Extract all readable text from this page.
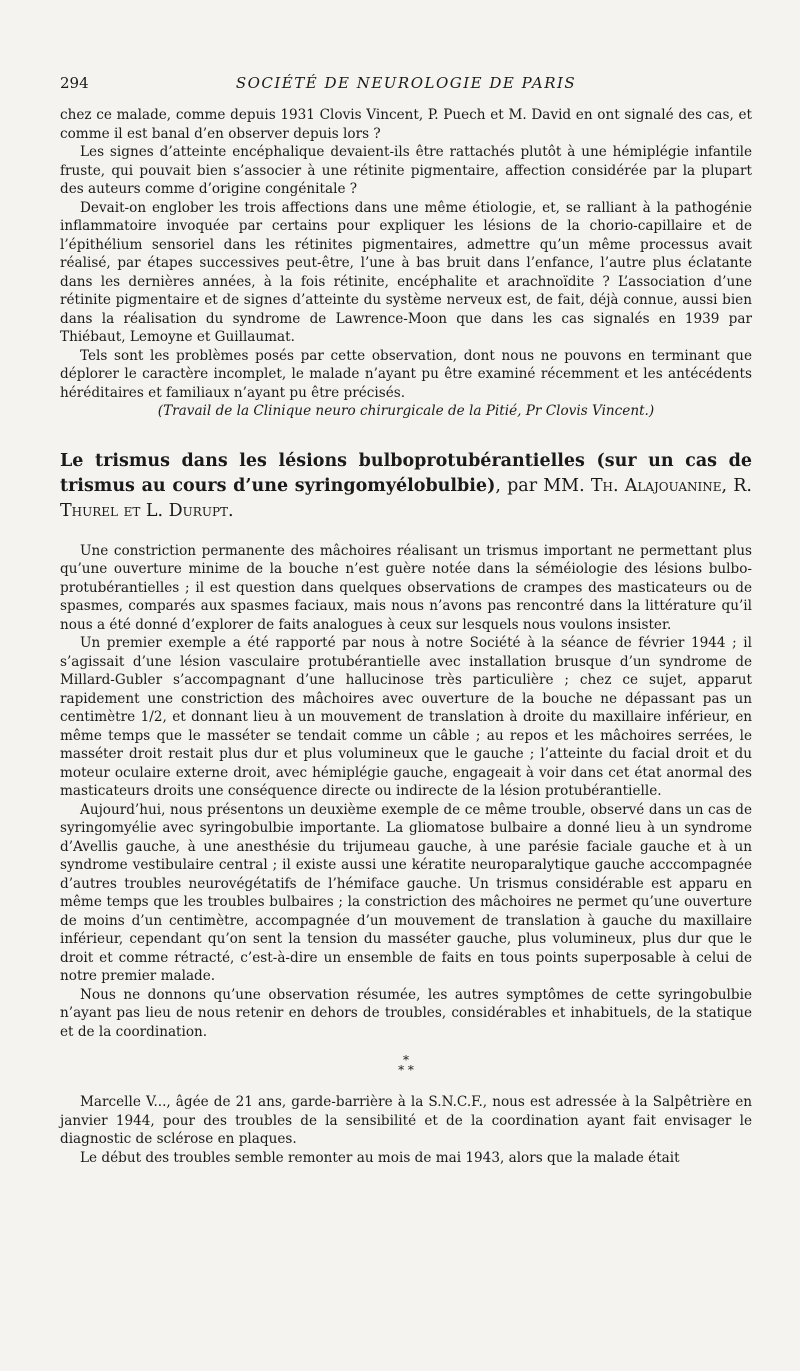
294	SOCIÉTÉ DE NEUROLOGIE DE PARIS

chez ce malade, comme depuis 1931 Clovis Vincent, P. Puech et M. David en ont signalé des cas, et comme il est banal d’en observer depuis lors ?

Les signes d’atteinte encéphalique devaient-ils être rattachés plutôt à une hémiplégie infantile fruste, qui pouvait bien s’associer à une rétinite pigmentaire, affection considérée par la plupart des auteurs comme d’origine congénitale ?

Devait-on englober les trois affections dans une même étiologie, et, se ralliant à la pathogénie inflammatoire invoquée par certains pour expliquer les lésions de la chorio-capillaire et de l’épithélium sensoriel dans les rétinites pigmentaires, admettre qu’un même processus avait réalisé, par étapes successives peut-être, l’une à bas bruit dans l’enfance, l’autre plus éclatante dans les dernières années, à la fois rétinite, encéphalite et arachnoïdite ? L’association d’une rétinite pigmentaire et de signes d’atteinte du système nerveux est, de fait, déjà connue, aussi bien dans la réalisation du syndrome de Lawrence-Moon que dans les cas signalés en 1939 par Thiébaut, Lemoyne et Guillaumat.

Tels sont les problèmes posés par cette observation, dont nous ne pouvons en terminant que déplorer le caractère incomplet, le malade n’ayant pu être examiné récemment et les antécédents héréditaires et familiaux n’ayant pu être précisés.

(Travail de la Clinique neuro chirurgicale de la Pitié, Pr Clovis Vincent.)

Le trismus dans les lésions bulboprotubérantielles (sur un cas de trismus au cours d’une syringomyélobulbie), par MM. Th. Alajouanine, R. Thurel et L. Durupt.

Une constriction permanente des mâchoires réalisant un trismus important ne permettant plus qu’une ouverture minime de la bouche n’est guère notée dans la séméiologie des lésions bulbo-protubérantielles ; il est question dans quelques observations de crampes des masticateurs ou de spasmes, comparés aux spasmes faciaux, mais nous n’avons pas rencontré dans la littérature qu’il nous a été donné d’explorer de faits analogues à ceux sur lesquels nous voulons insister.

Un premier exemple a été rapporté par nous à notre Société à la séance de février 1944 ; il s’agissait d’une lésion vasculaire protubérantielle avec installation brusque d’un syndrome de Millard-Gubler s’accompagnant d’une hallucinose très particulière ; chez ce sujet, apparut rapidement une constriction des mâchoires avec ouverture de la bouche ne dépassant pas un centimètre 1/2, et donnant lieu à un mouvement de translation à droite du maxillaire inférieur, en même temps que le masséter se tendait comme un câble ; au repos et les mâchoires serrées, le masséter droit restait plus dur et plus volumineux que le gauche ; l’atteinte du facial droit et du moteur oculaire externe droit, avec hémiplégie gauche, engageait à voir dans cet état anormal des masticateurs droits une conséquence directe ou indirecte de la lésion protubérantielle.

Aujourd’hui, nous présentons un deuxième exemple de ce même trouble, observé dans un cas de syringomyélie avec syringobulbie importante. La gliomatose bulbaire a donné lieu à un syndrome d’Avellis gauche, à une anesthésie du trijumeau gauche, à une parésie faciale gauche et à un syndrome vestibulaire central ; il existe aussi une kératite neuroparalytique gauche acccompagnée d’autres troubles neurovégétatifs de l’hémiface gauche. Un trismus considérable est apparu en même temps que les troubles bulbaires ; la constriction des mâchoires ne permet qu’une ouverture de moins d’un centimètre, accompagnée d’un mouvement de translation à gauche du maxillaire inférieur, cependant qu’on sent la tension du masséter gauche, plus volumineux, plus dur que le droit et comme rétracté, c’est-à-dire un ensemble de faits en tous points superposable à celui de notre premier malade.

Nous ne donnons qu’une observation résumée, les autres symptômes de cette syringobulbie n’ayant pas lieu de nous retenir en dehors de troubles, considérables et inhabituels, de la statique et de la coordination.

*
* *

Marcelle V..., âgée de 21 ans, garde-barrière à la S.N.C.F., nous est adressée à la Salpêtrière en janvier 1944, pour des troubles de la sensibilité et de la coordination ayant fait envisager le diagnostic de sclérose en plaques.

Le début des troubles semble remonter au mois de mai 1943, alors que la malade était
